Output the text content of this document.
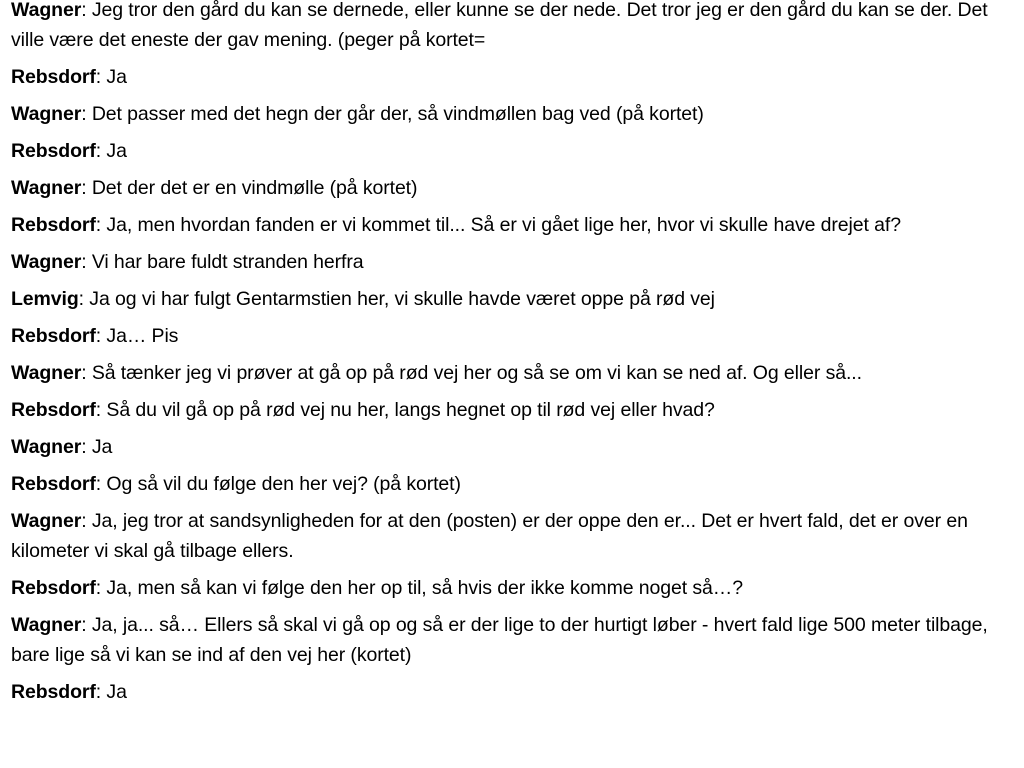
Wagner: Jeg tror den gård du kan se dernede, eller kunne se der nede. Det tror jeg er den gård du kan se der. Det ville være det eneste der gav mening. (peger på kortet=

Rebsdorf: Ja

Wagner: Det passer med det hegn der går der, så vindmøllen bag ved (på kortet)

Rebsdorf: Ja

Wagner: Det der det er en vindmølle (på kortet)

Rebsdorf: Ja, men hvordan fanden er vi kommet til... Så er vi gået lige her, hvor vi skulle have drejet af?

Wagner: Vi har bare fuldt stranden herfra

Lemvig: Ja og vi har fulgt Gentarmstien her, vi skulle havde været oppe på rød vej

Rebsdorf: Ja… Pis

Wagner: Så tænker jeg vi prøver at gå op på rød vej her og så se om vi kan se ned af. Og eller så...

Rebsdorf: Så du vil gå op på rød vej nu her, langs hegnet op til rød vej eller hvad?

Wagner: Ja

Rebsdorf: Og så vil du følge den her vej? (på kortet)

Wagner: Ja, jeg tror at sandsynligheden for at den (posten) er der oppe den er... Det er hvert fald, det er over en kilometer vi skal gå tilbage ellers.

Rebsdorf: Ja, men så kan vi følge den her op til, så hvis der ikke komme noget så…?

Wagner: Ja, ja... så… Ellers så skal vi gå op og så er der lige to der hurtigt løber - hvert fald lige 500 meter tilbage, bare lige så vi kan se ind af den vej her (kortet)

Rebsdorf: Ja
